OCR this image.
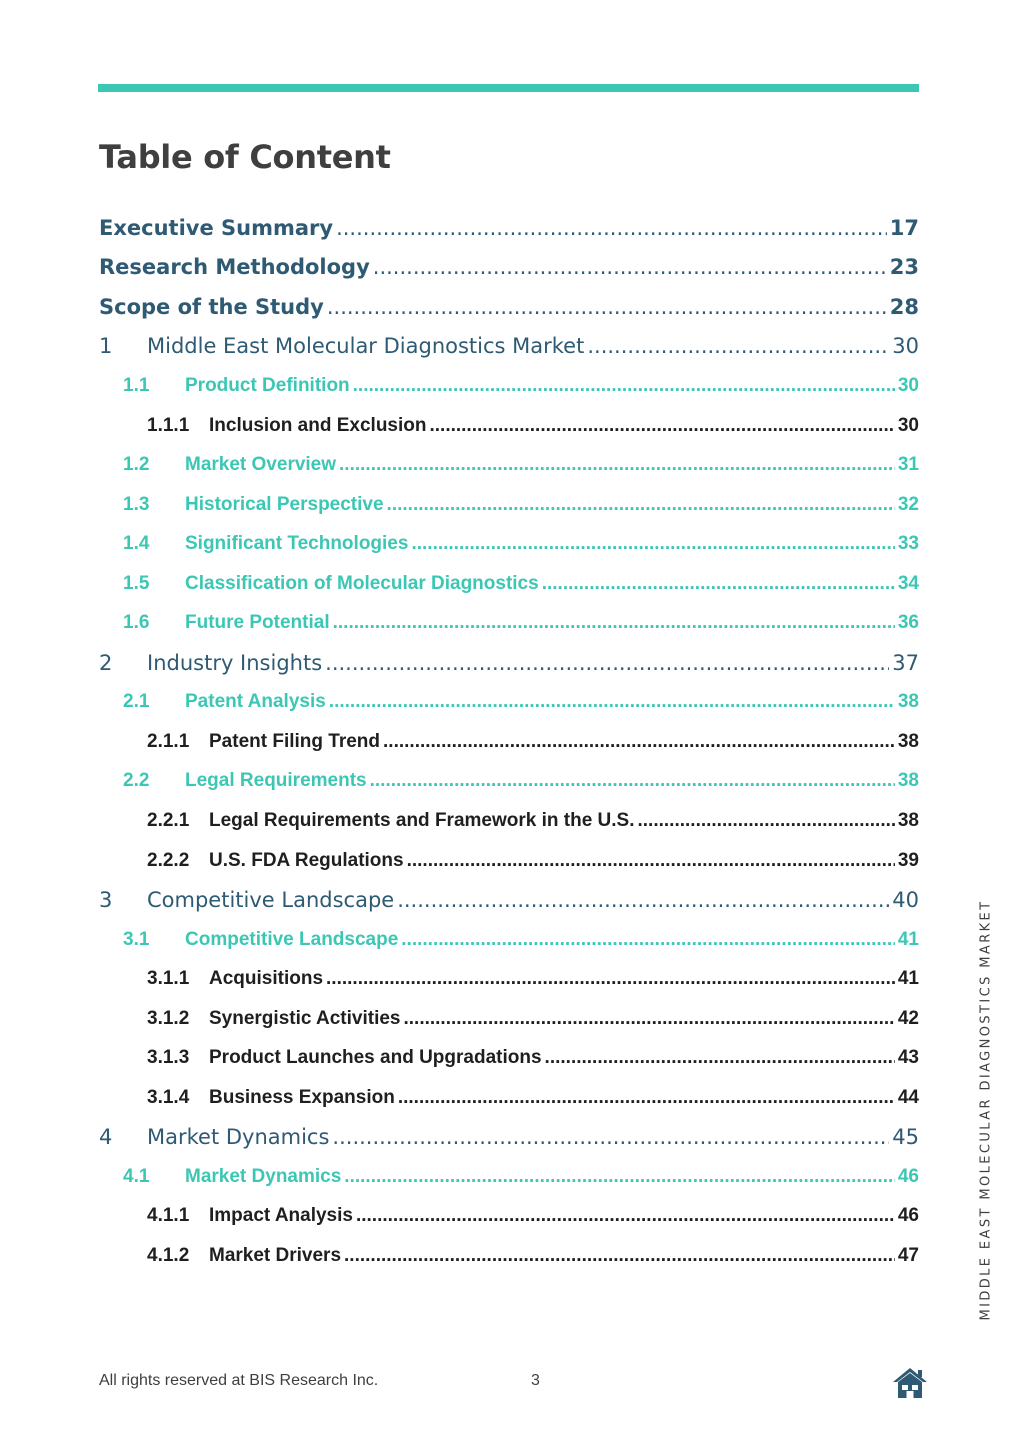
Table of Content
Executive Summary .....	17
Research Methodology .....	23
Scope of the Study .....	28
1	Middle East Molecular Diagnostics Market .....	30
1.1	Product Definition .....	30
1.1.1	Inclusion and Exclusion .....	30
1.2	Market Overview .....	31
1.3	Historical Perspective .....	32
1.4	Significant Technologies .....	33
1.5	Classification of Molecular Diagnostics .....	34
1.6	Future Potential .....	36
2	Industry Insights .....	37
2.1	Patent Analysis .....	38
2.1.1	Patent Filing Trend .....	38
2.2	Legal Requirements .....	38
2.2.1	Legal Requirements and Framework in the U.S. .....	38
2.2.2	U.S. FDA Regulations .....	39
3	Competitive Landscape .....	40
3.1	Competitive Landscape .....	41
3.1.1	Acquisitions .....	41
3.1.2	Synergistic Activities .....	42
3.1.3	Product Launches and Upgradations .....	43
3.1.4	Business Expansion .....	44
4	Market Dynamics .....	45
4.1	Market Dynamics .....	46
4.1.1	Impact Analysis .....	46
4.1.2	Market Drivers .....	47	MIDDLE EAST MOLECULAR DIAGNOSTICS MARKET
All rights reserved at BIS Research Inc.	3
